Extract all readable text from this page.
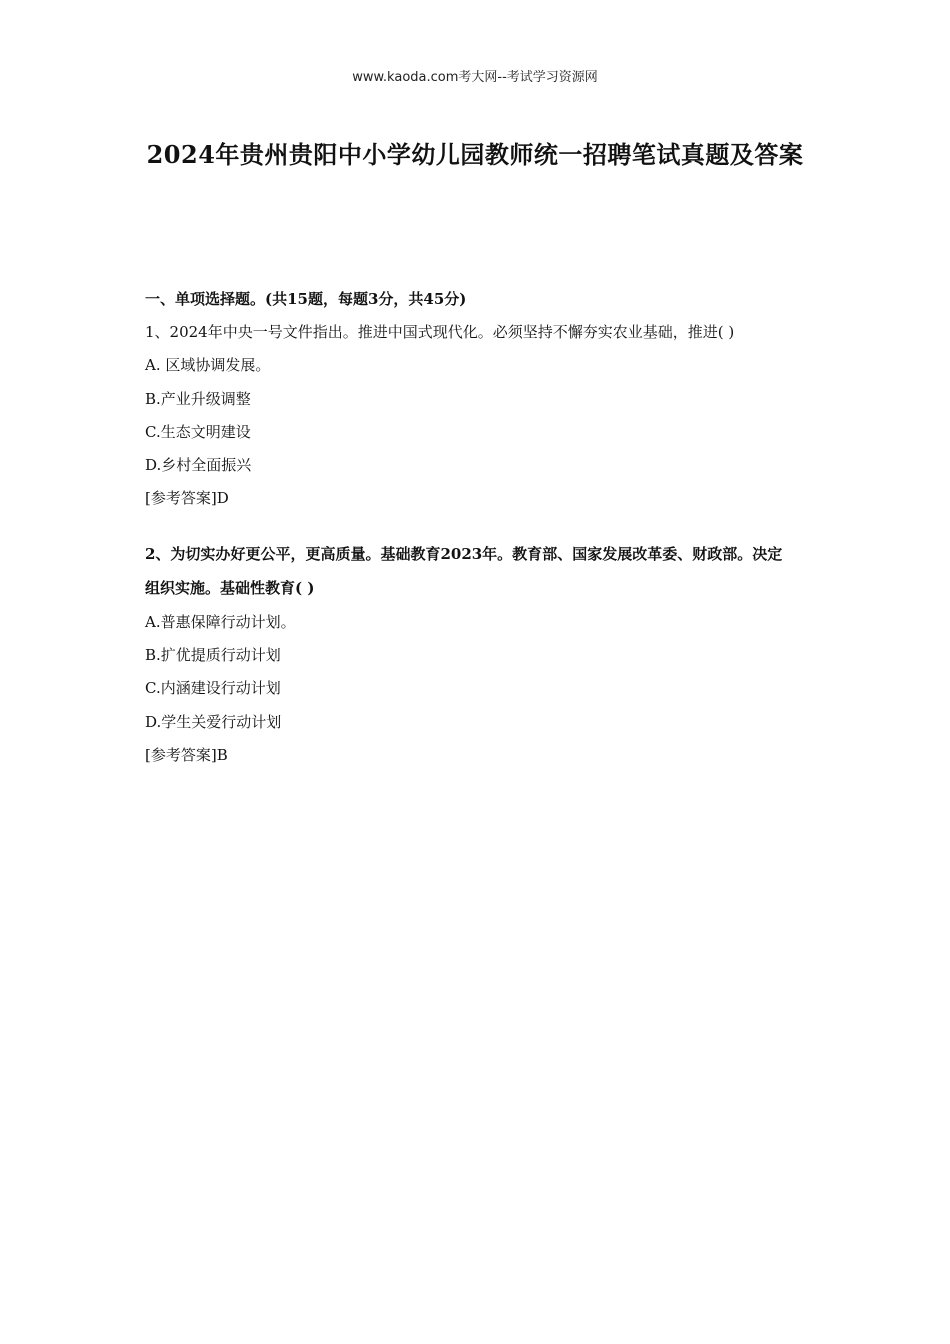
www.kaoda.com考大网--考试学习资源网
2024年贵州贵阳中小学幼儿园教师统一招聘笔试真题及答案
一、单项选择题。(共15题，每题3分，共45分)
1、2024年中央一号文件指出。推进中国式现代化。必须坚持不懈夯实农业基础，推进( )
A. 区域协调发展。
B.产业升级调整
C.生态文明建设
D.乡村全面振兴
[参考答案]D
2、为切实办好更公平，更高质量。基础教育2023年。教育部、国家发展改革委、财政部。决定
组织实施。基础性教育( )
A.普惠保障行动计划。
B.扩优提质行动计划
C.内涵建设行动计划
D.学生关爱行动计划
[参考答案]B
